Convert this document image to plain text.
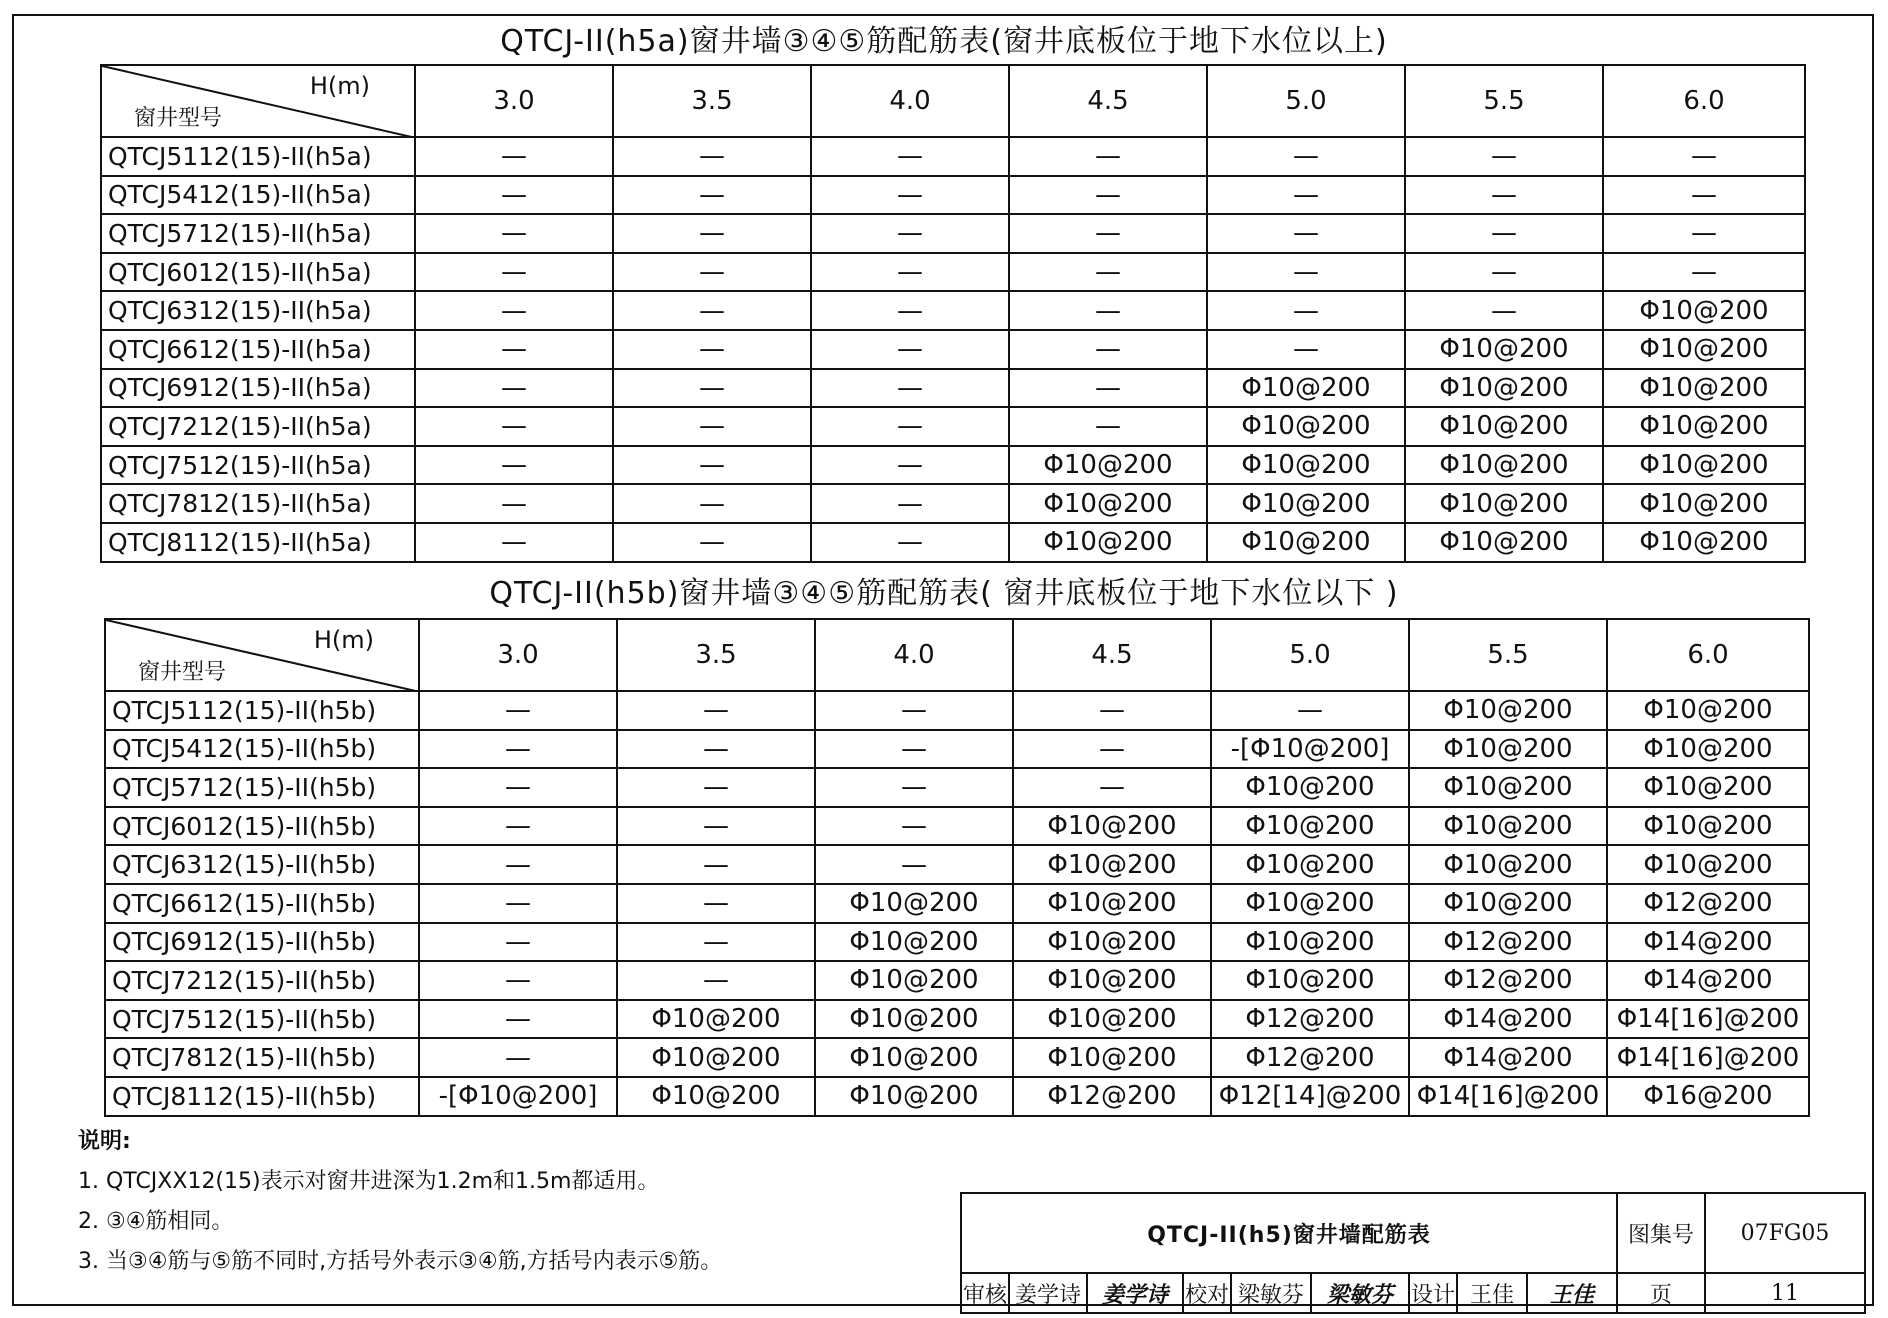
QTCJ-II(h5a)窗井墙③④⑤筋配筋表(窗井底板位于地下水位以上)
H(m)
窗井型号	3.0	3.5	4.0	4.5	5.0	5.5	6.0
QTCJ5112(15)-II(h5a)	—	—	—	—	—	—	—
QTCJ5412(15)-II(h5a)	—	—	—	—	—	—	—
QTCJ5712(15)-II(h5a)	—	—	—	—	—	—	—
QTCJ6012(15)-II(h5a)	—	—	—	—	—	—	—
QTCJ6312(15)-II(h5a)	—	—	—	—	—	—	Φ10@200
QTCJ6612(15)-II(h5a)	—	—	—	—	—	Φ10@200	Φ10@200
QTCJ6912(15)-II(h5a)	—	—	—	—	Φ10@200	Φ10@200	Φ10@200
QTCJ7212(15)-II(h5a)	—	—	—	—	Φ10@200	Φ10@200	Φ10@200
QTCJ7512(15)-II(h5a)	—	—	—	Φ10@200	Φ10@200	Φ10@200	Φ10@200
QTCJ7812(15)-II(h5a)	—	—	—	Φ10@200	Φ10@200	Φ10@200	Φ10@200
QTCJ8112(15)-II(h5a)	—	—	—	Φ10@200	Φ10@200	Φ10@200	Φ10@200
QTCJ-II(h5b)窗井墙③④⑤筋配筋表( 窗井底板位于地下水位以下 )
H(m)
窗井型号	3.0	3.5	4.0	4.5	5.0	5.5	6.0
QTCJ5112(15)-II(h5b)	—	—	—	—	—	Φ10@200	Φ10@200
QTCJ5412(15)-II(h5b)	—	—	—	—	-[Φ10@200]	Φ10@200	Φ10@200
QTCJ5712(15)-II(h5b)	—	—	—	—	Φ10@200	Φ10@200	Φ10@200
QTCJ6012(15)-II(h5b)	—	—	—	Φ10@200	Φ10@200	Φ10@200	Φ10@200
QTCJ6312(15)-II(h5b)	—	—	—	Φ10@200	Φ10@200	Φ10@200	Φ10@200
QTCJ6612(15)-II(h5b)	—	—	Φ10@200	Φ10@200	Φ10@200	Φ10@200	Φ12@200
QTCJ6912(15)-II(h5b)	—	—	Φ10@200	Φ10@200	Φ10@200	Φ12@200	Φ14@200
QTCJ7212(15)-II(h5b)	—	—	Φ10@200	Φ10@200	Φ10@200	Φ12@200	Φ14@200
QTCJ7512(15)-II(h5b)	—	Φ10@200	Φ10@200	Φ10@200	Φ12@200	Φ14@200	Φ14[16]@200
QTCJ7812(15)-II(h5b)	—	Φ10@200	Φ10@200	Φ10@200	Φ12@200	Φ14@200	Φ14[16]@200
QTCJ8112(15)-II(h5b)	-[Φ10@200]	Φ10@200	Φ10@200	Φ12@200	Φ12[14]@200	Φ14[16]@200	Φ16@200
说明:
1. QTCJXX12(15)表示对窗井进深为1.2m和1.5m都适用。
2. ③④筋相同。
3. 当③④筋与⑤筋不同时,方括号外表示③④筋,方括号内表示⑤筋。
QTCJ-II(h5)窗井墙配筋表									图集号	07FG05
审核	姜学诗	姜学诗	校对	梁敏芬	梁敏芬	设计	王佳	王佳	页	11
